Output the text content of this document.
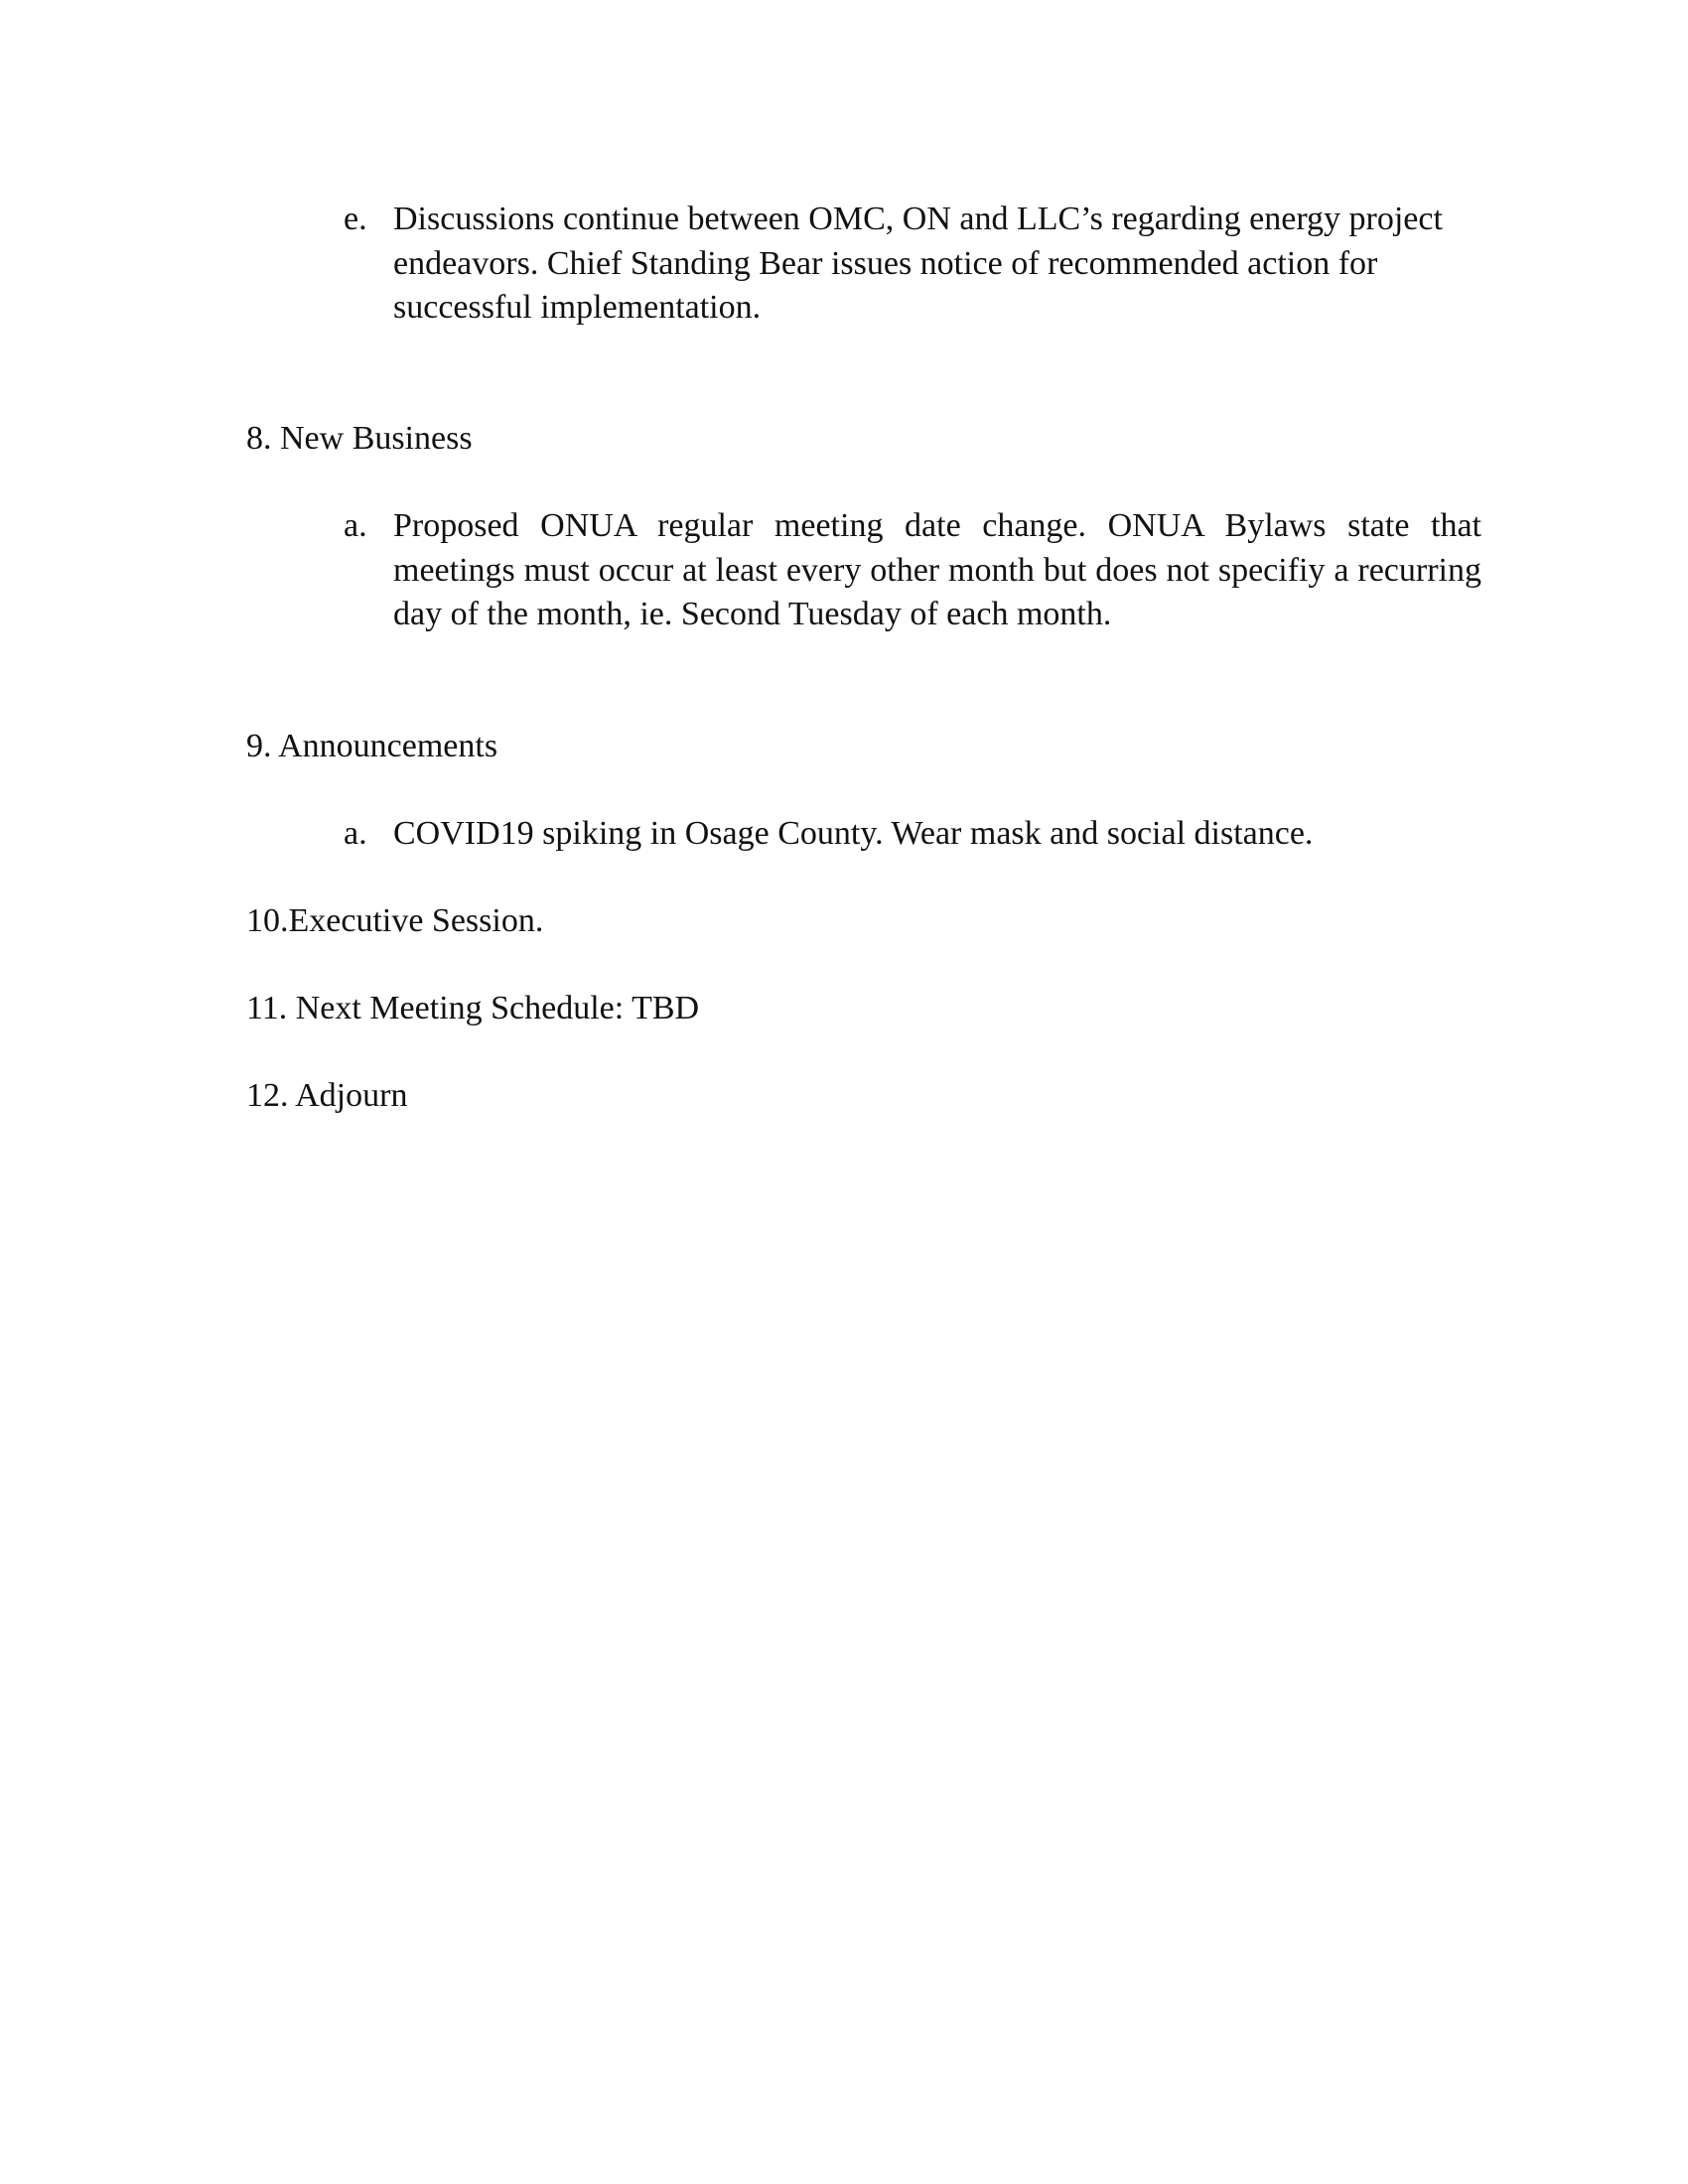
e. Discussions continue between OMC, ON and LLC’s regarding energy project endeavors. Chief Standing Bear issues notice of recommended action for successful implementation.
8. New Business
a. Proposed ONUA regular meeting date change. ONUA Bylaws state that meetings must occur at least every other month but does not specifiy a recurring day of the month, ie. Second Tuesday of each month.
9. Announcements
a. COVID19 spiking in Osage County. Wear mask and social distance.
10.Executive Session.
11. Next Meeting Schedule: TBD
12. Adjourn
